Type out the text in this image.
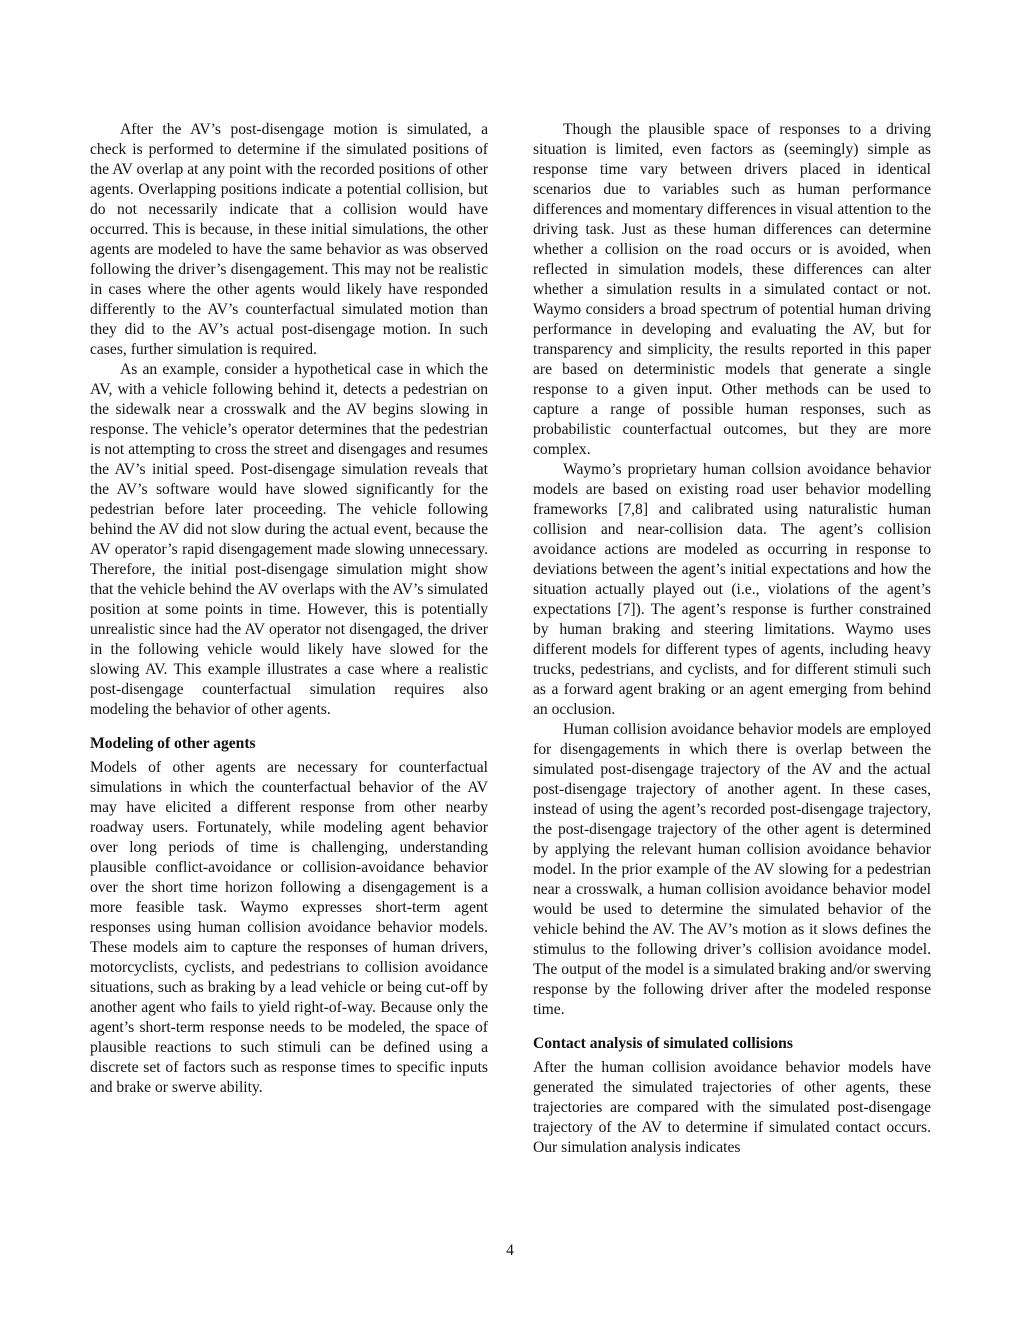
After the AV’s post-disengage motion is simulated, a check is performed to determine if the simulated positions of the AV overlap at any point with the recorded positions of other agents. Overlapping positions indicate a potential collision, but do not necessarily indicate that a collision would have occurred. This is because, in these initial simulations, the other agents are modeled to have the same behavior as was observed following the driver’s disengagement. This may not be realistic in cases where the other agents would likely have responded differently to the AV’s counterfactual simulated motion than they did to the AV’s actual post-disengage motion. In such cases, further simulation is required.

As an example, consider a hypothetical case in which the AV, with a vehicle following behind it, detects a pedestrian on the sidewalk near a crosswalk and the AV begins slowing in response. The vehicle’s operator determines that the pedestrian is not attempting to cross the street and disengages and resumes the AV’s initial speed. Post-disengage simulation reveals that the AV’s software would have slowed significantly for the pedestrian before later proceeding. The vehicle following behind the AV did not slow during the actual event, because the AV operator’s rapid disengagement made slowing unnecessary. Therefore, the initial post-disengage simulation might show that the vehicle behind the AV overlaps with the AV’s simulated position at some points in time. However, this is potentially unrealistic since had the AV operator not disengaged, the driver in the following vehicle would likely have slowed for the slowing AV. This example illustrates a case where a realistic post-disengage counterfactual simulation requires also modeling the behavior of other agents.

Modeling of other agents

Models of other agents are necessary for counterfactual simulations in which the counterfactual behavior of the AV may have elicited a different response from other nearby roadway users. Fortunately, while modeling agent behavior over long periods of time is challenging, understanding plausible conflict-avoidance or collision-avoidance behavior over the short time horizon following a disengagement is a more feasible task. Waymo expresses short-term agent responses using human collision avoidance behavior models. These models aim to capture the responses of human drivers, motorcyclists, cyclists, and pedestrians to collision avoidance situations, such as braking by a lead vehicle or being cut-off by another agent who fails to yield right-of-way. Because only the agent’s short-term response needs to be modeled, the space of plausible reactions to such stimuli can be defined using a discrete set of factors such as response times to specific inputs and brake or swerve ability.

Though the plausible space of responses to a driving situation is limited, even factors as (seemingly) simple as response time vary between drivers placed in identical scenarios due to variables such as human performance differences and momentary differences in visual attention to the driving task. Just as these human differences can determine whether a collision on the road occurs or is avoided, when reflected in simulation models, these differences can alter whether a simulation results in a simulated contact or not. Waymo considers a broad spectrum of potential human driving performance in developing and evaluating the AV, but for transparency and simplicity, the results reported in this paper are based on deterministic models that generate a single response to a given input. Other methods can be used to capture a range of possible human responses, such as probabilistic counterfactual outcomes, but they are more complex.

Waymo’s proprietary human collsion avoidance behavior models are based on existing road user behavior modelling frameworks [7,8] and calibrated using naturalistic human collision and near-collision data. The agent’s collision avoidance actions are modeled as occurring in response to deviations between the agent’s initial expectations and how the situation actually played out (i.e., violations of the agent’s expectations [7]). The agent’s response is further constrained by human braking and steering limitations. Waymo uses different models for different types of agents, including heavy trucks, pedestrians, and cyclists, and for different stimuli such as a forward agent braking or an agent emerging from behind an occlusion.

Human collision avoidance behavior models are employed for disengagements in which there is overlap between the simulated post-disengage trajectory of the AV and the actual post-disengage trajectory of another agent. In these cases, instead of using the agent’s recorded post-disengage trajectory, the post-disengage trajectory of the other agent is determined by applying the relevant human collision avoidance behavior model. In the prior example of the AV slowing for a pedestrian near a crosswalk, a human collision avoidance behavior model would be used to determine the simulated behavior of the vehicle behind the AV. The AV’s motion as it slows defines the stimulus to the following driver’s collision avoidance model. The output of the model is a simulated braking and/or swerving response by the following driver after the modeled response time.

Contact analysis of simulated collisions

After the human collision avoidance behavior models have generated the simulated trajectories of other agents, these trajectories are compared with the simulated post-disengage trajectory of the AV to determine if simulated contact occurs. Our simulation analysis indicates

4
